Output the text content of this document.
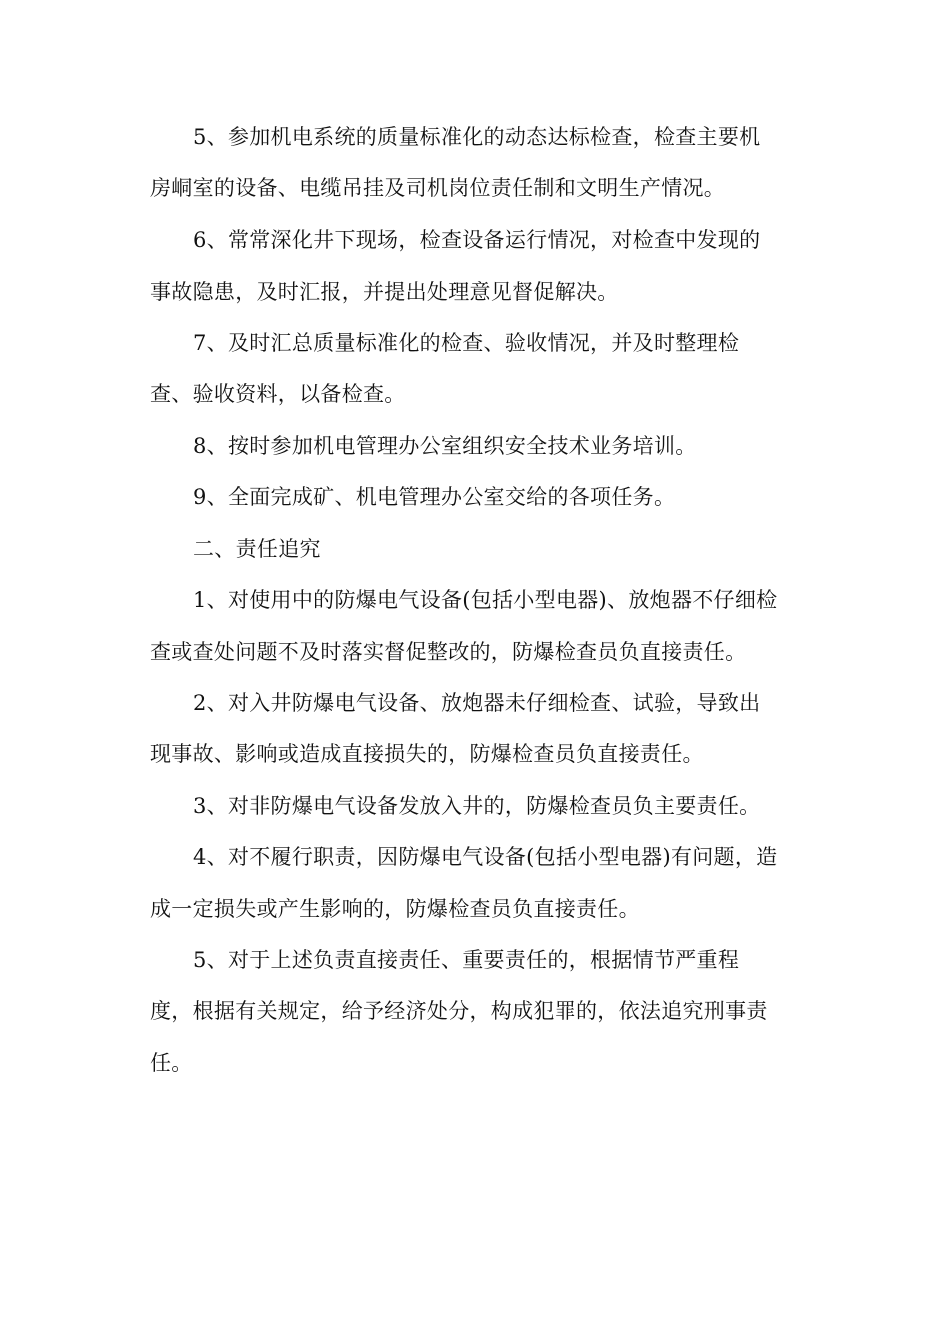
5、参加机电系统的质量标准化的动态达标检查，检查主要机
房峒室的设备、电缆吊挂及司机岗位责任制和文明生产情况。
6、常常深化井下现场，检查设备运行情况，对检查中发现的
事故隐患，及时汇报，并提出处理意见督促解决。
7、及时汇总质量标准化的检查、验收情况，并及时整理检
查、验收资料，以备检查。
8、按时参加机电管理办公室组织安全技术业务培训。
9、全面完成矿、机电管理办公室交给的各项任务。
二、责任追究
1、对使用中的防爆电气设备(包括小型电器)、放炮器不仔细检
查或查处问题不及时落实督促整改的，防爆检查员负直接责任。
2、对入井防爆电气设备、放炮器未仔细检查、试验，导致出
现事故、影响或造成直接损失的，防爆检查员负直接责任。
3、对非防爆电气设备发放入井的，防爆检查员负主要责任。
4、对不履行职责，因防爆电气设备(包括小型电器)有问题，造
成一定损失或产生影响的，防爆检查员负直接责任。
5、对于上述负责直接责任、重要责任的，根据情节严重程
度，根据有关规定，给予经济处分，构成犯罪的，依法追究刑事责
任。
